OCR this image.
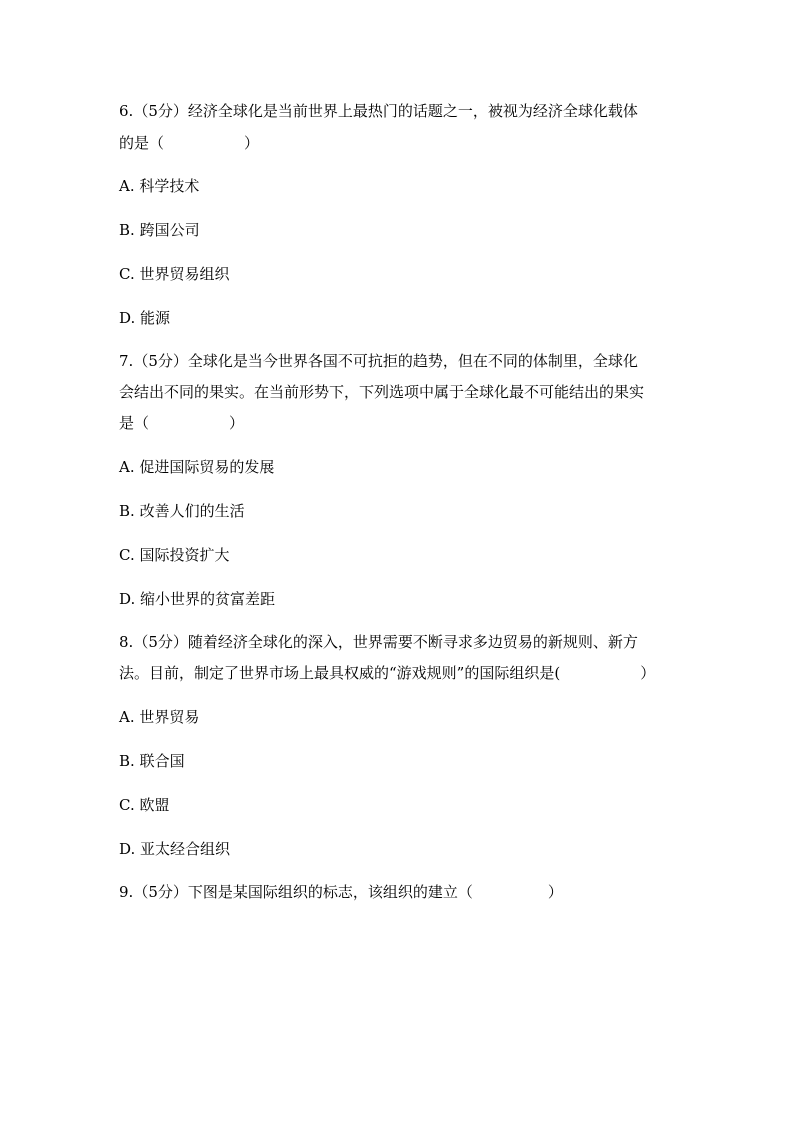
6.（5分）经济全球化是当前世界上最热门的话题之一，被视为经济全球化载体
的是（	）
A. 科学技术
B. 跨国公司
C. 世界贸易组织
D. 能源
7.（5分）全球化是当今世界各国不可抗拒的趋势，但在不同的体制里，全球化
会结出不同的果实。在当前形势下，下列选项中属于全球化最不可能结出的果实
是（	）
A. 促进国际贸易的发展
B. 改善人们的生活
C. 国际投资扩大
D. 缩小世界的贫富差距
8.（5分）随着经济全球化的深入，世界需要不断寻求多边贸易的新规则、新方
法。目前，制定了世界市场上最具权威的“游戏规则”的国际组织是(	）
A. 世界贸易
B. 联合国
C. 欧盟
D. 亚太经合组织
9.（5分）下图是某国际组织的标志，该组织的建立（	）
